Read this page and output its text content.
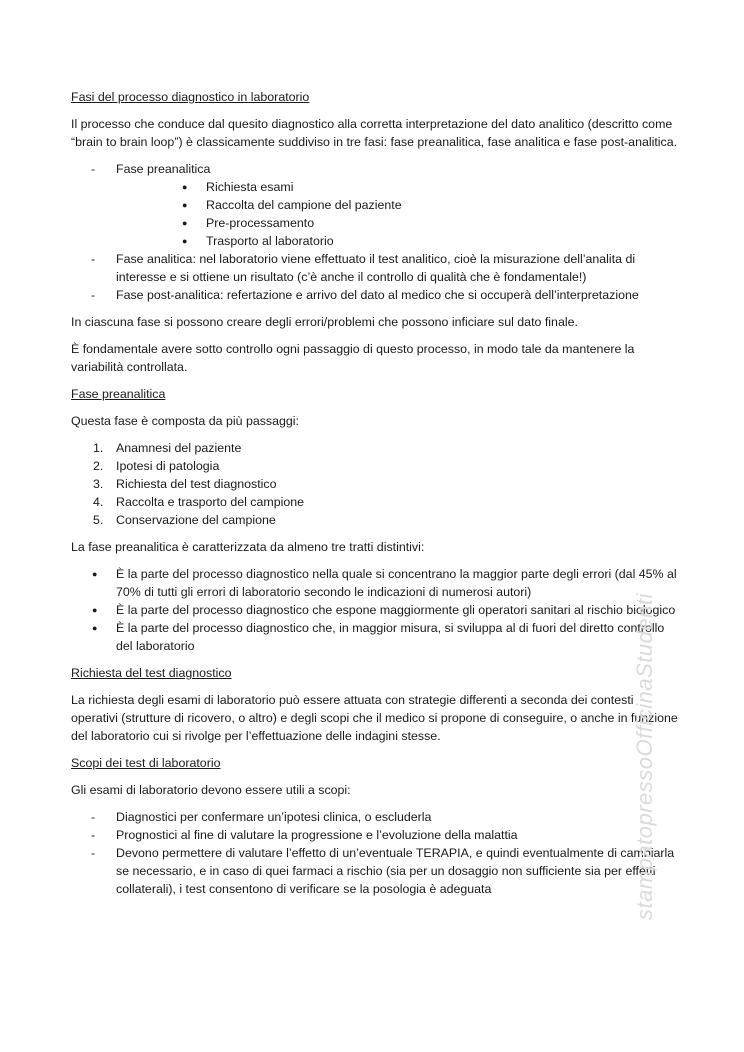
Fasi del processo diagnostico in laboratorio

Il processo che conduce dal quesito diagnostico alla corretta interpretazione del dato analitico (descritto come “brain to brain loop”) è classicamente suddiviso in tre fasi: fase preanalitica, fase analitica e fase post-analitica.

- Fase preanalitica
● Richiesta esami
● Raccolta del campione del paziente
● Pre-processamento
● Trasporto al laboratorio
- Fase analitica: nel laboratorio viene effettuato il test analitico, cioè la misurazione dell’analita di interesse e si ottiene un risultato (c’è anche il controllo di qualità che è fondamentale!)
- Fase post-analitica: refertazione e arrivo del dato al medico che si occuperà dell’interpretazione

In ciascuna fase si possono creare degli errori/problemi che possono inficiare sul dato finale.

È fondamentale avere sotto controllo ogni passaggio di questo processo, in modo tale da mantenere la variabilità controllata.

Fase preanalitica

Questa fase è composta da più passaggi:

1. Anamnesi del paziente
2. Ipotesi di patologia
3. Richiesta del test diagnostico
4. Raccolta e trasporto del campione
5. Conservazione del campione

La fase preanalitica è caratterizzata da almeno tre tratti distintivi:

● È la parte del processo diagnostico nella quale si concentrano la maggior parte degli errori (dal 45% al 70% di tutti gli errori di laboratorio secondo le indicazioni di numerosi autori)
● È la parte del processo diagnostico che espone maggiormente gli operatori sanitari al rischio biologico
● È la parte del processo diagnostico che, in maggior misura, si sviluppa al di fuori del diretto controllo del laboratorio

Richiesta del test diagnostico

La richiesta degli esami di laboratorio può essere attuata con strategie differenti a seconda dei contesti operativi (strutture di ricovero, o altro) e degli scopi che il medico si propone di conseguire, o anche in funzione del laboratorio cui si rivolge per l’effettuazione delle indagini stesse.

Scopi dei test di laboratorio

Gli esami di laboratorio devono essere utili a scopi:

- Diagnostici per confermare un’ipotesi clinica, o escluderla
- Prognostici al fine di valutare la progressione e l’evoluzione della malattia
- Devono permettere di valutare l’effetto di un’eventuale TERAPIA, e quindi eventualmente di cambiarla se necessario, e in caso di quei farmaci a rischio (sia per un dosaggio non sufficiente sia per effetti collaterali), i test consentono di verificare se la posologia è adeguata	stampatopressoOfficinaStudenti
